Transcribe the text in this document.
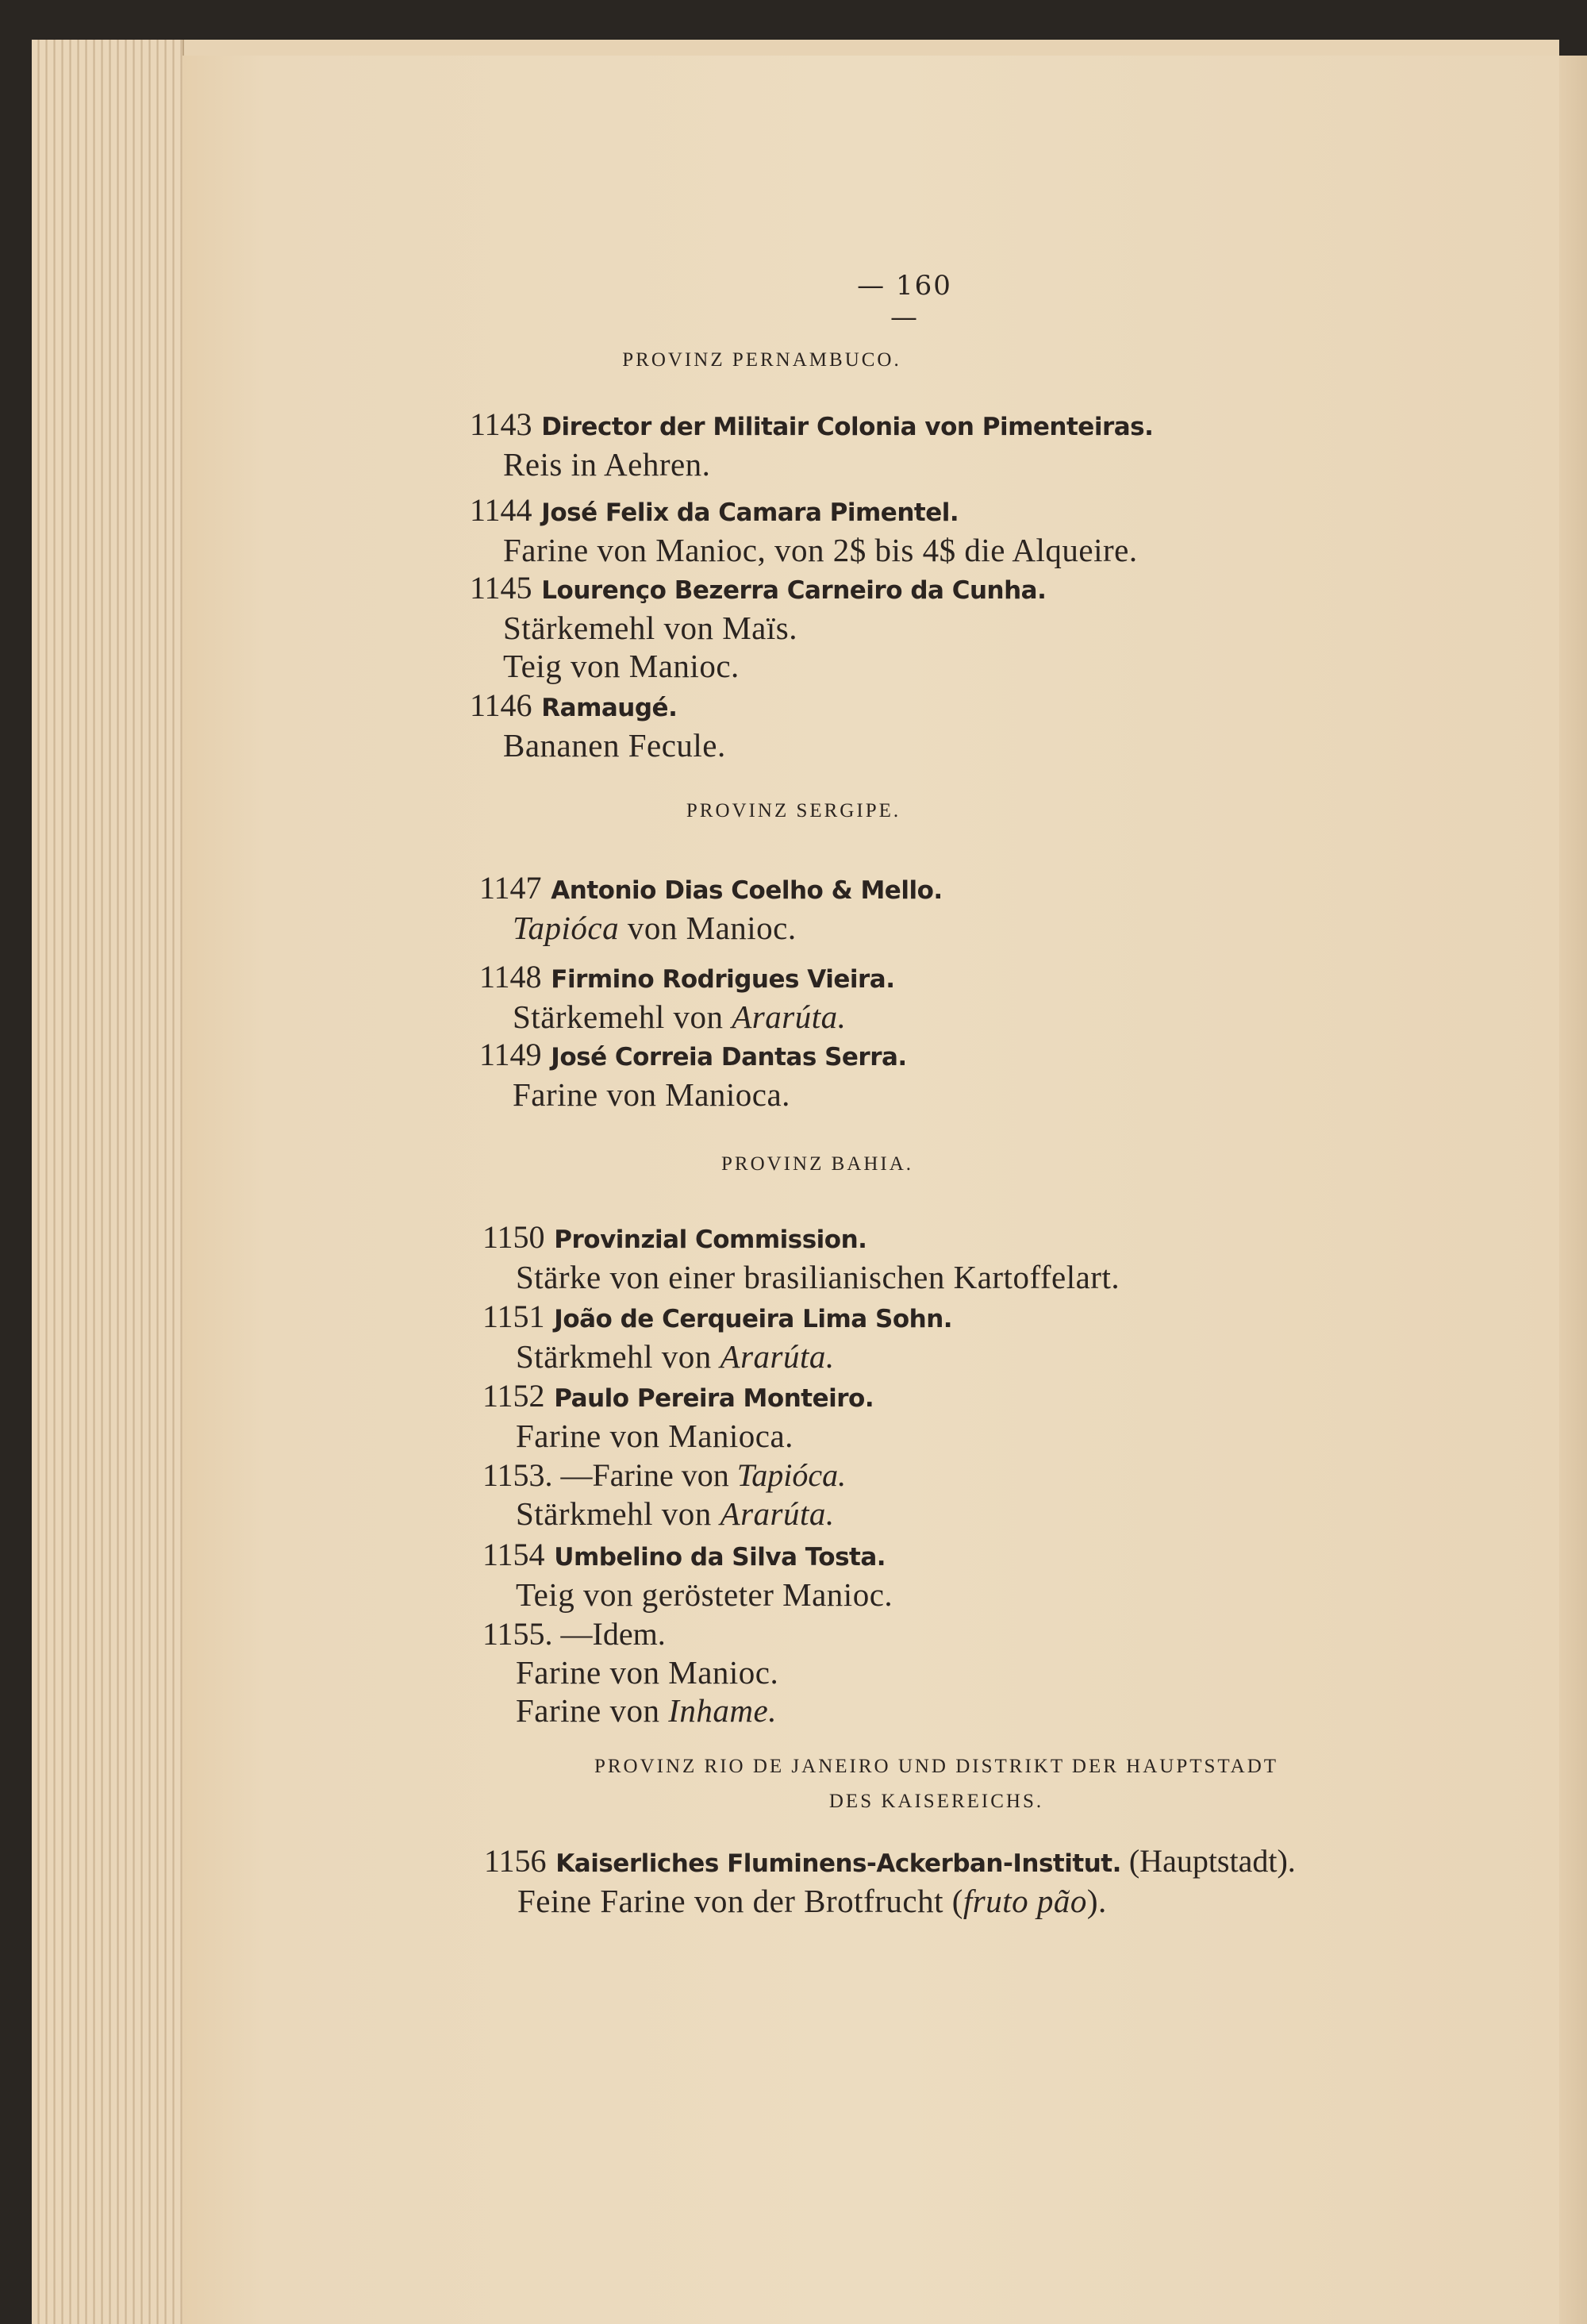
— 160 —
PROVINZ PERNAMBUCO.
1143 Director der Militair Colonia von Pimenteiras.
Reis in Aehren.
1144 José Felix da Camara Pimentel.
Farine von Manioc, von 2$ bis 4$ die Alqueire.
1145 Lourenço Bezerra Carneiro da Cunha.
Stärkemehl von Maïs.
Teig von Manioc.
1146 Ramaugé.
Bananen Fecule.
PROVINZ SERGIPE.
1147 Antonio Dias Coelho & Mello.
Tapióca von Manioc.
1148 Firmino Rodrigues Vieira.
Stärkemehl von Ararúta.
1149 José Correia Dantas Serra.
Farine von Manioca.
PROVINZ BAHIA.
1150 Provinzial Commission.
Stärke von einer brasilianischen Kartoffelart.
1151 João de Cerqueira Lima Sohn.
Stärkmehl von Ararúta.
1152 Paulo Pereira Monteiro.
Farine von Manioca.
1153. —Farine von Tapióca.
Stärkmehl von Ararúta.
1154 Umbelino da Silva Tosta.
Teig von gerösteter Manioc.
1155. —Idem.
Farine von Manioc.
Farine von Inhame.
PROVINZ RIO DE JANEIRO UND DISTRIKT DER HAUPTSTADT
DES KAISEREICHS.
1156 Kaiserliches Fluminens-Ackerban-Institut. (Hauptstadt).
Feine Farine von der Brotfrucht (fruto pão).
